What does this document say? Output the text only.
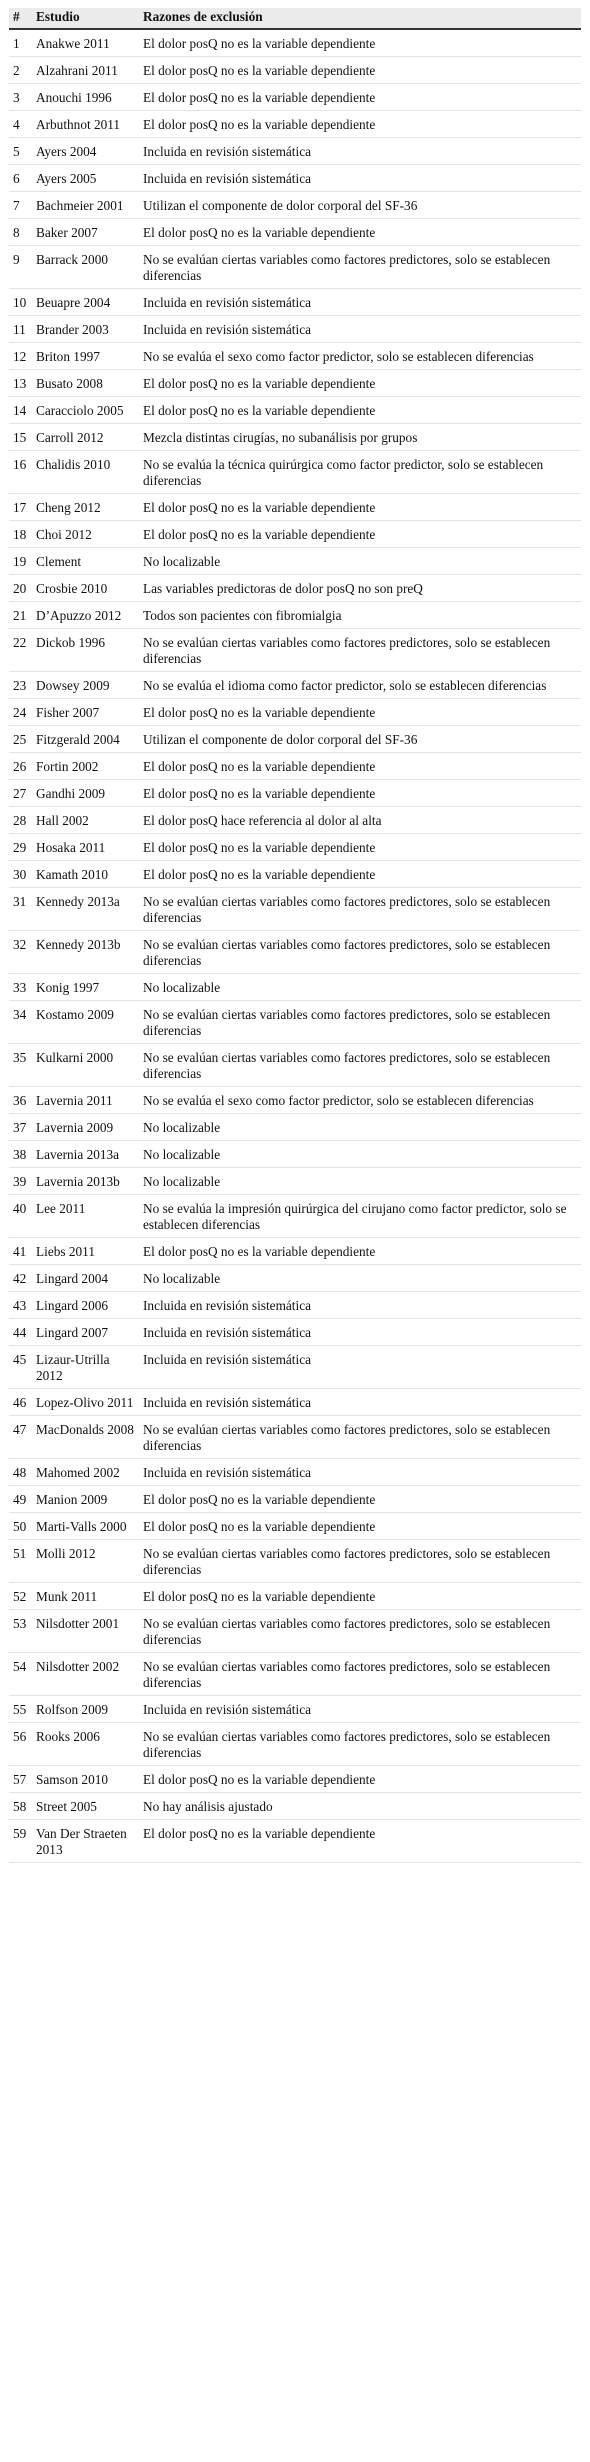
#	Estudio	Razones de exclusión
1	Anakwe 2011	El dolor posQ no es la variable dependiente
2	Alzahrani 2011	El dolor posQ no es la variable dependiente
3	Anouchi 1996	El dolor posQ no es la variable dependiente
4	Arbuthnot 2011	El dolor posQ no es la variable dependiente
5	Ayers 2004	Incluida en revisión sistemática
6	Ayers 2005	Incluida en revisión sistemática
7	Bachmeier 2001	Utilizan el componente de dolor corporal del SF-36
8	Baker 2007	El dolor posQ no es la variable dependiente
9	Barrack 2000	No se evalúan ciertas variables como factores predictores, solo se establecen diferencias
10	Beuapre 2004	Incluida en revisión sistemática
11	Brander 2003	Incluida en revisión sistemática
12	Briton 1997	No se evalúa el sexo como factor predictor, solo se establecen diferencias
13	Busato 2008	El dolor posQ no es la variable dependiente
14	Caracciolo 2005	El dolor posQ no es la variable dependiente
15	Carroll 2012	Mezcla distintas cirugías, no subanálisis por grupos
16	Chalidis 2010	No se evalúa la técnica quirúrgica como factor predictor, solo se establecen diferencias
17	Cheng 2012	El dolor posQ no es la variable dependiente
18	Choi 2012	El dolor posQ no es la variable dependiente
19	Clement	No localizable
20	Crosbie 2010	Las variables predictoras de dolor posQ no son preQ
21	D’Apuzzo 2012	Todos son pacientes con fibromialgia
22	Dickob 1996	No se evalúan ciertas variables como factores predictores, solo se establecen diferencias
23	Dowsey 2009	No se evalúa el idioma como factor predictor, solo se establecen diferencias
24	Fisher 2007	El dolor posQ no es la variable dependiente
25	Fitzgerald 2004	Utilizan el componente de dolor corporal del SF-36
26	Fortin 2002	El dolor posQ no es la variable dependiente
27	Gandhi 2009	El dolor posQ no es la variable dependiente
28	Hall 2002	El dolor posQ hace referencia al dolor al alta
29	Hosaka 2011	El dolor posQ no es la variable dependiente
30	Kamath 2010	El dolor posQ no es la variable dependiente
31	Kennedy 2013a	No se evalúan ciertas variables como factores predictores, solo se establecen diferencias
32	Kennedy 2013b	No se evalúan ciertas variables como factores predictores, solo se establecen diferencias
33	Konig 1997	No localizable
34	Kostamo 2009	No se evalúan ciertas variables como factores predictores, solo se establecen diferencias
35	Kulkarni 2000	No se evalúan ciertas variables como factores predictores, solo se establecen diferencias
36	Lavernia 2011	No se evalúa el sexo como factor predictor, solo se establecen diferencias
37	Lavernia 2009	No localizable
38	Lavernia 2013a	No localizable
39	Lavernia 2013b	No localizable
40	Lee 2011	No se evalúa la impresión quirúrgica del cirujano como factor predictor, solo se establecen diferencias
41	Liebs 2011	El dolor posQ no es la variable dependiente
42	Lingard 2004	No localizable
43	Lingard 2006	Incluida en revisión sistemática
44	Lingard 2007	Incluida en revisión sistemática
45	Lizaur-Utrilla 2012	Incluida en revisión sistemática
46	Lopez-Olivo 2011	Incluida en revisión sistemática
47	MacDonalds 2008	No se evalúan ciertas variables como factores predictores, solo se establecen diferencias
48	Mahomed 2002	Incluida en revisión sistemática
49	Manion 2009	El dolor posQ no es la variable dependiente
50	Marti-Valls 2000	El dolor posQ no es la variable dependiente
51	Molli 2012	No se evalúan ciertas variables como factores predictores, solo se establecen diferencias
52	Munk 2011	El dolor posQ no es la variable dependiente
53	Nilsdotter 2001	No se evalúan ciertas variables como factores predictores, solo se establecen diferencias
54	Nilsdotter 2002	No se evalúan ciertas variables como factores predictores, solo se establecen diferencias
55	Rolfson 2009	Incluida en revisión sistemática
56	Rooks 2006	No se evalúan ciertas variables como factores predictores, solo se establecen diferencias
57	Samson 2010	El dolor posQ no es la variable dependiente
58	Street 2005	No hay análisis ajustado
59	Van Der Straeten 2013	El dolor posQ no es la variable dependiente
